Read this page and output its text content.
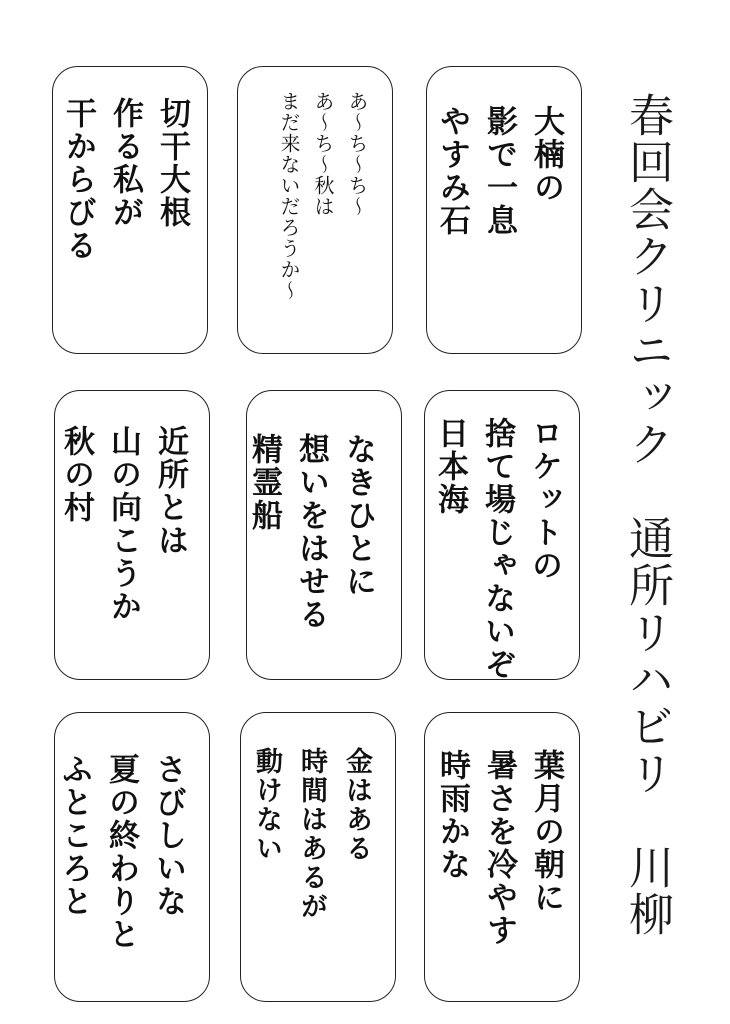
春回会クリニック　通所リハビリ　川柳
大楠の
影で一息
やすみ石
あ〜ち〜ち〜
あ〜ち〜秋は
まだ来ないだろうか〜
切干大根
作る私が
干からびる
ロケットの
捨て場じゃないぞ
日本海
なきひとに
想いをはせる
精霊船
近所とは
山の向こうか
秋の村
葉月の朝に
暑さを冷やす
時雨かな
金はある
時間はあるが
動けない
さびしいな
夏の終わりと
ふところと
